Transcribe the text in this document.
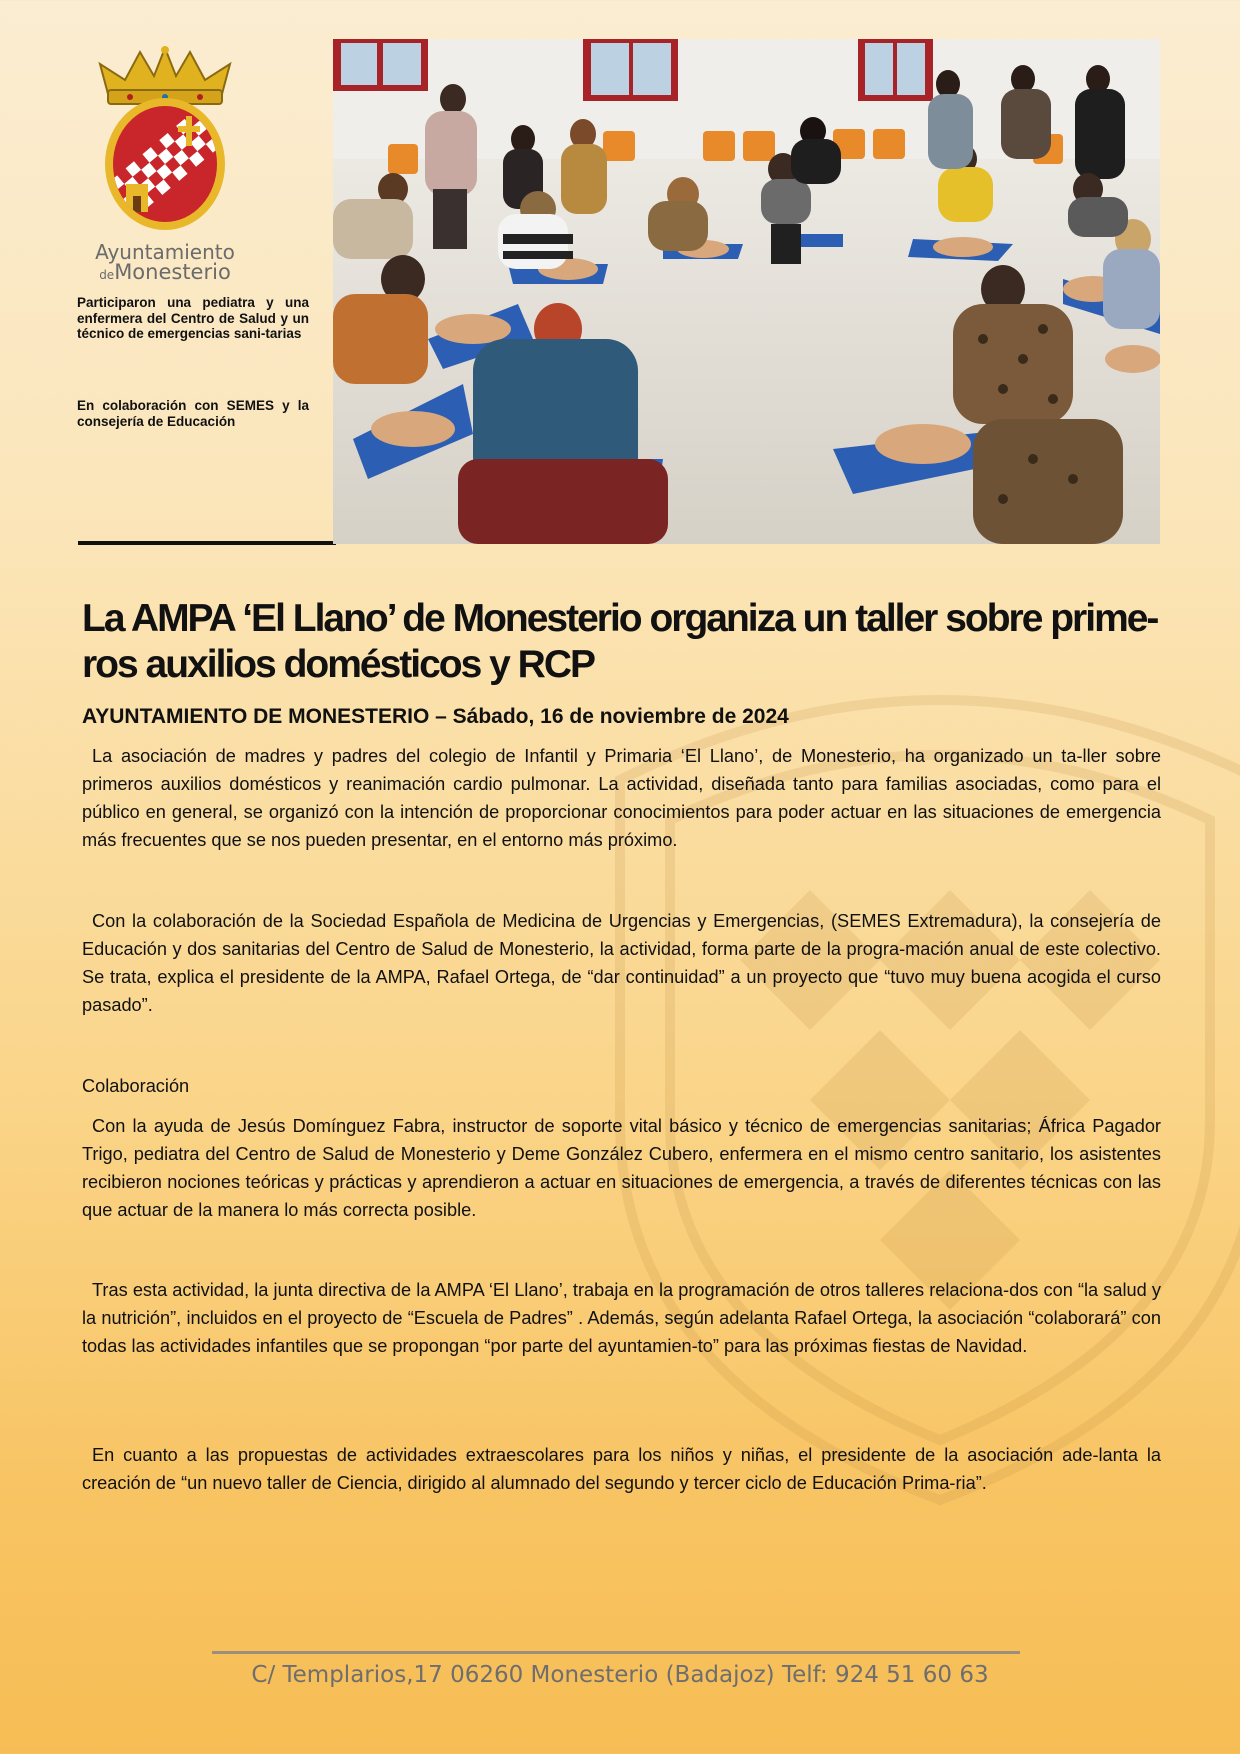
Ayuntamiento
deMonesterio
Participaron una pediatra y una enfermera del Centro de Salud y un técnico de emergencias sani-tarias
En colaboración con SEMES y la consejería de Educación
La AMPA ‘El Llano’ de Monesterio organiza un taller sobre prime-ros auxilios domésticos y RCP
AYUNTAMIENTO DE MONESTERIO – Sábado, 16 de noviembre de 2024

La asociación de madres y padres del colegio de Infantil y Primaria ‘El Llano’, de Monesterio, ha organizado un ta-ller sobre primeros auxilios domésticos y reanimación cardio pulmonar. La actividad, diseñada tanto para familias asociadas, como para el público en general, se organizó con la intención de proporcionar conocimientos para poder actuar en las situaciones de emergencia más frecuentes que se nos pueden presentar, en el entorno más próximo.

Con la colaboración de la Sociedad Española de Medicina de Urgencias y Emergencias, (SEMES Extremadura), la consejería de Educación y dos sanitarias del Centro de Salud de Monesterio, la actividad, forma parte de la progra-mación anual de este colectivo. Se trata, explica el presidente de la AMPA, Rafael Ortega, de “dar continuidad” a un proyecto que “tuvo muy buena acogida el curso pasado”.

Colaboración

Con la ayuda de Jesús Domínguez Fabra, instructor de soporte vital básico y técnico de emergencias sanitarias; África Pagador Trigo, pediatra del Centro de Salud de Monesterio y Deme González Cubero, enfermera en el mismo centro sanitario, los asistentes recibieron nociones teóricas y prácticas y aprendieron a actuar en situaciones de emergencia, a través de diferentes técnicas con las que actuar de la manera lo más correcta posible.

Tras esta actividad, la junta directiva de la AMPA ‘El Llano’, trabaja en la programación de otros talleres relaciona-dos con “la salud y la nutrición”, incluidos en el proyecto de “Escuela de Padres” . Además, según adelanta Rafael Ortega, la asociación “colaborará” con todas las actividades infantiles que se propongan “por parte del ayuntamien-to” para las próximas fiestas de Navidad.

En cuanto a las propuestas de actividades extraescolares para los niños y niñas, el presidente de la asociación ade-lanta la creación de “un nuevo taller de Ciencia, dirigido al alumnado del segundo y tercer ciclo de Educación Prima-ria”.

C/ Templarios,17 06260 Monesterio (Badajoz) Telf: 924 51 60 63
